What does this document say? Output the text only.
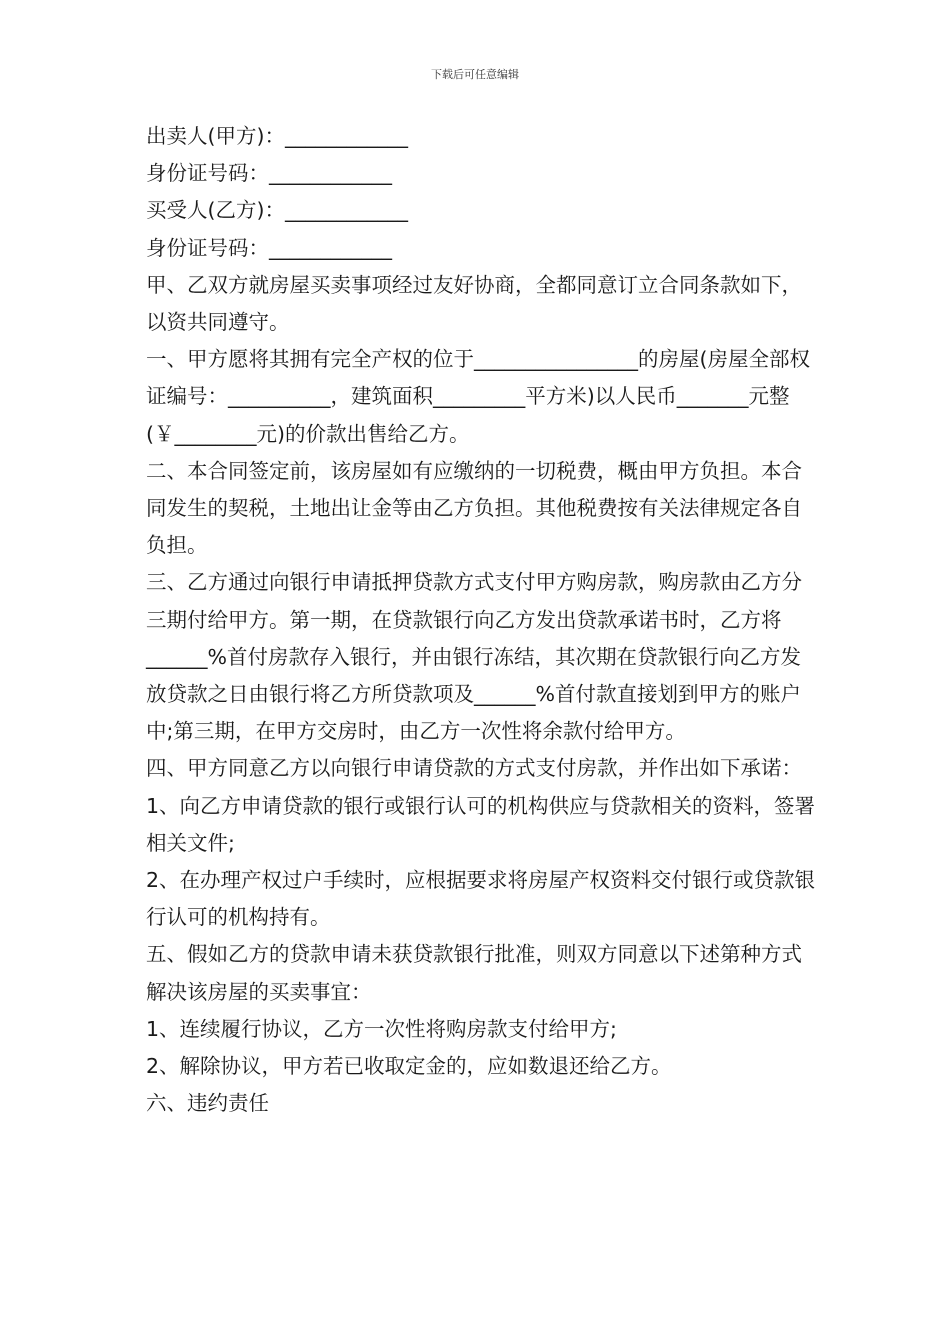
下载后可任意编辑

出卖人(甲方)：____________

身份证号码：____________

买受人(乙方)：____________

身份证号码：____________

甲、乙双方就房屋买卖事项经过友好协商，全都同意订立合同条款如下，以资共同遵守。

一、甲方愿将其拥有完全产权的位于________________的房屋(房屋全部权证编号：__________，建筑面积_________平方米)以人民币_______元整(￥________元)的价款出售给乙方。

二、本合同签定前，该房屋如有应缴纳的一切税费，概由甲方负担。本合同发生的契税，土地出让金等由乙方负担。其他税费按有关法律规定各自负担。

三、乙方通过向银行申请抵押贷款方式支付甲方购房款，购房款由乙方分三期付给甲方。第一期，在贷款银行向乙方发出贷款承诺书时，乙方将______%首付房款存入银行，并由银行冻结，其次期在贷款银行向乙方发放贷款之日由银行将乙方所贷款项及______%首付款直接划到甲方的账户中;第三期，在甲方交房时，由乙方一次性将余款付给甲方。

四、甲方同意乙方以向银行申请贷款的方式支付房款，并作出如下承诺：

1、向乙方申请贷款的银行或银行认可的机构供应与贷款相关的资料，签署相关文件;

2、在办理产权过户手续时，应根据要求将房屋产权资料交付银行或贷款银行认可的机构持有。

五、假如乙方的贷款申请未获贷款银行批准，则双方同意以下述第种方式解决该房屋的买卖事宜：

1、连续履行协议，乙方一次性将购房款支付给甲方;

2、解除协议，甲方若已收取定金的，应如数退还给乙方。

六、违约责任
